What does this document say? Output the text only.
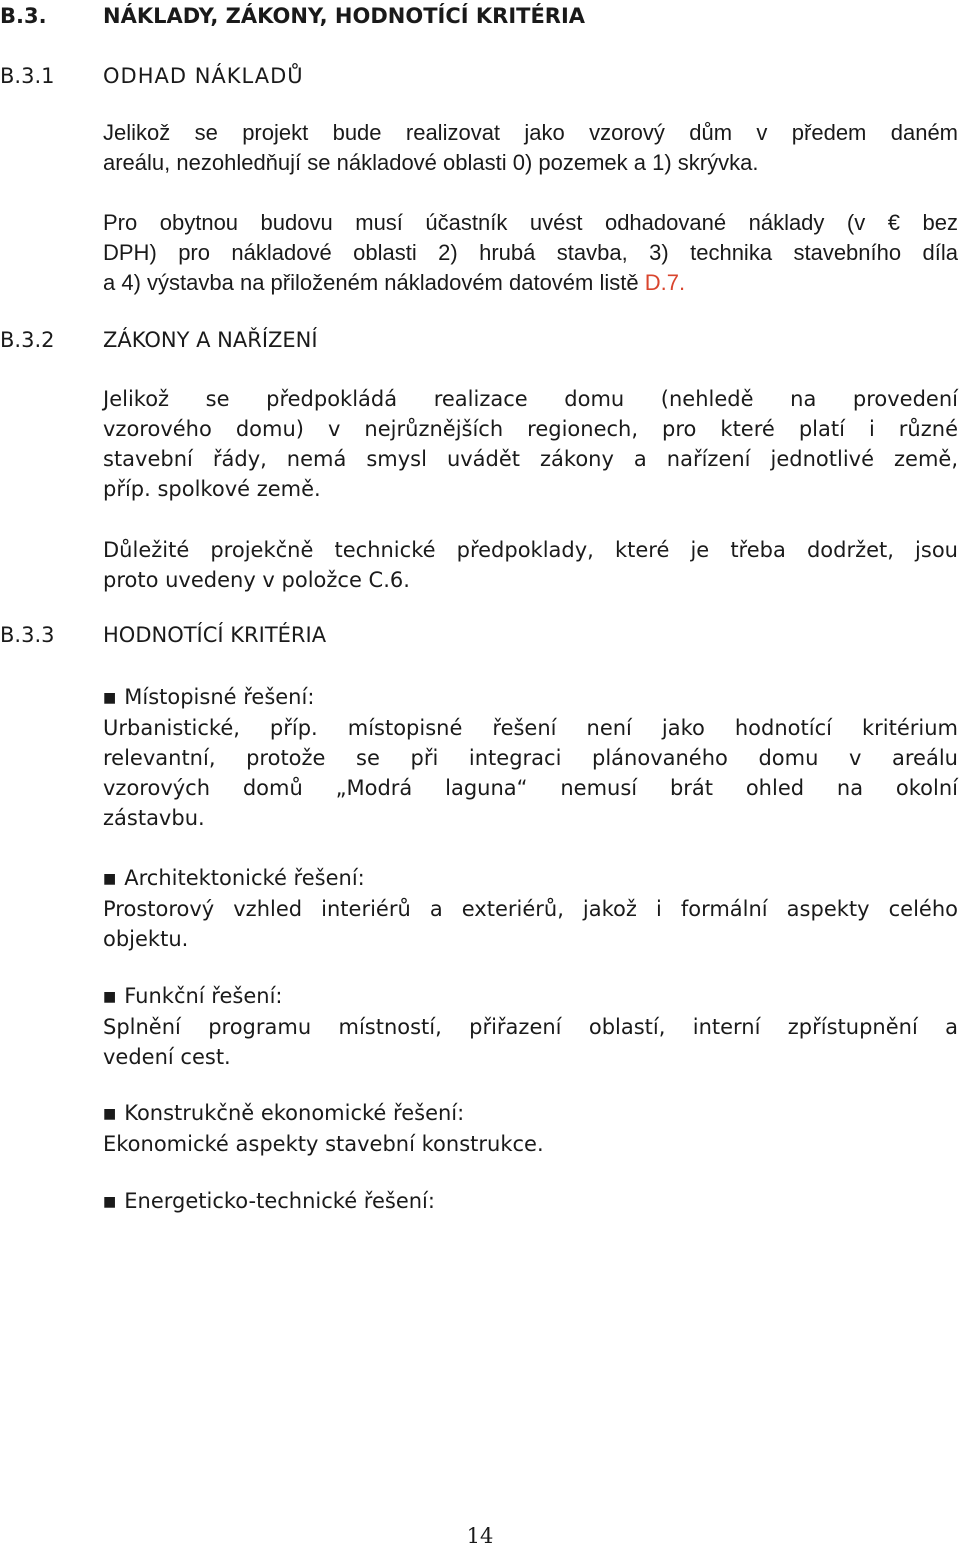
B.3.	NÁKLADY, ZÁKONY, HODNOTÍCÍ KRITÉRIA
B.3.1 ODHAD NÁKLADŮ
Jelikož se projekt bude realizovat jako vzorový dům v předem daném
areálu, nezohledňují se nákladové oblasti 0) pozemek a 1) skrývka.
Pro obytnou budovu musí účastník uvést odhadované náklady (v € bez
DPH) pro nákladové oblasti 2) hrubá stavba, 3) technika stavebního díla
a 4) výstavba na přiloženém nákladovém datovém listě D.7.
B.3.2 ZÁKONY A NAŘÍZENÍ
Jelikož se předpokládá realizace domu (nehledě na provedení
vzorového domu) v nejrůznějších regionech, pro které platí i různé
stavební řády, nemá smysl uvádět zákony a nařízení jednotlivé země,
příp. spolkové země.
Důležité projekčně technické předpoklady, které je třeba dodržet, jsou
proto uvedeny v položce C.6.
B.3.3 HODNOTÍCÍ KRITÉRIA
■ Místopisné řešení:
Urbanistické, příp. místopisné řešení není jako hodnotící kritérium
relevantní, protože se při integraci plánovaného domu v areálu
vzorových domů „Modrá laguna“ nemusí brát ohled na okolní
zástavbu.
■ Architektonické řešení:
Prostorový vzhled interiérů a exteriérů, jakož i formální aspekty celého
objektu.
■ Funkční řešení:
Splnění programu místností, přiřazení oblastí, interní zpřístupnění a
vedení cest.
■ Konstrukčně ekonomické řešení:
Ekonomické aspekty stavební konstrukce.
■ Energeticko-technické řešení:
14
